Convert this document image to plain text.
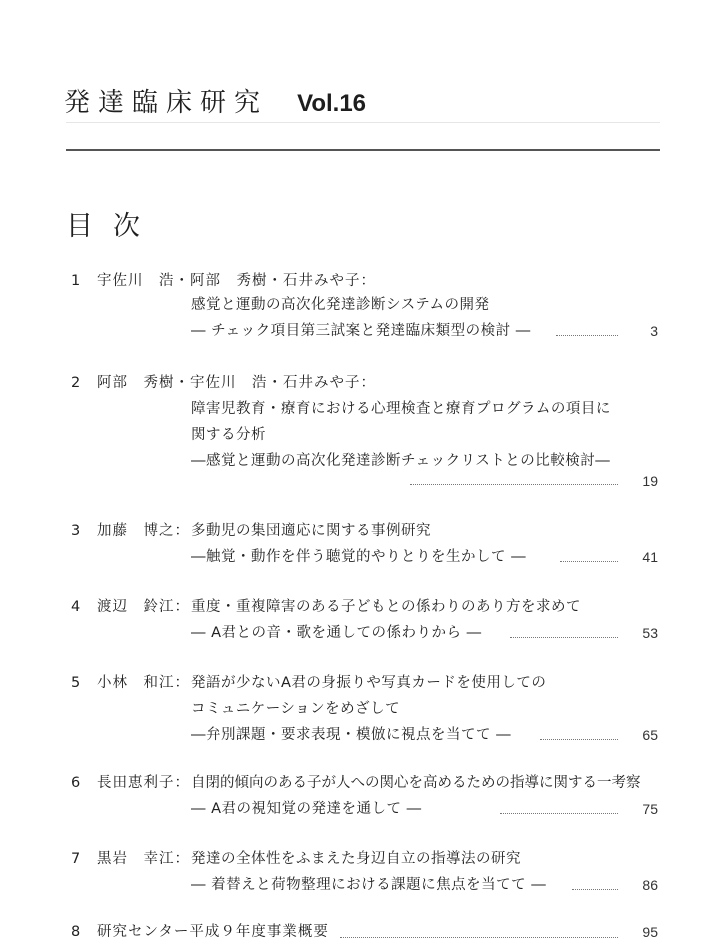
発達臨床研究 Vol.16
目次
1 宇佐川　浩・阿部　秀樹・石井みや子：
感覚と運動の高次化発達診断システムの開発
― チェック項目第三試案と発達臨床類型の検討 ―	3
2 阿部　秀樹・宇佐川　浩・石井みや子：
障害児教育・療育における心理検査と療育プログラムの項目に
関する分析
―感覚と運動の高次化発達診断チェックリストとの比較検討―
19
3 加藤　博之： 多動児の集団適応に関する事例研究
―触覚・動作を伴う聴覚的やりとりを生かして ―	41
4 渡辺　鈴江： 重度・重複障害のある子どもとの係わりのあり方を求めて
― A君との音・歌を通しての係わりから ―	53
5 小林　和江： 発語が少ないA君の身振りや写真カードを使用しての
コミュニケーションをめざして
―弁別課題・要求表現・模倣に視点を当てて ―	65
6 長田恵利子： 自閉的傾向のある子が人への関心を高めるための指導に関する一考察
― A君の視知覚の発達を通して ―	75
7 黒岩　幸江： 発達の全体性をふまえた身辺自立の指導法の研究
― 着替えと荷物整理における課題に焦点を当てて ―	86
8 研究センター平成９年度事業概要	95
